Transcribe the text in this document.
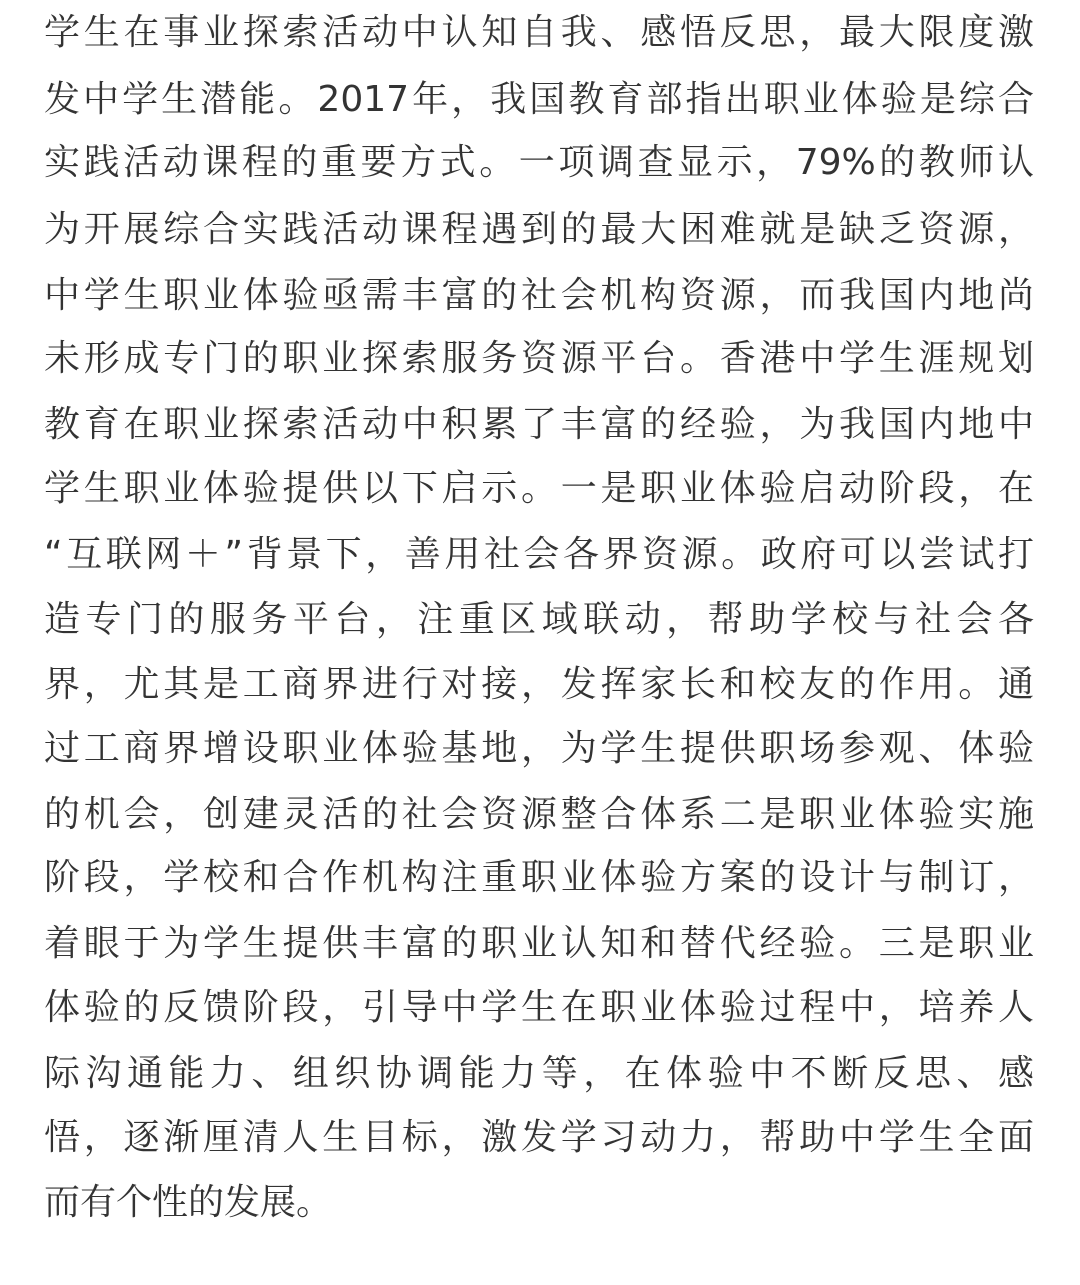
学生在事业探索活动中认知自我、感悟反思，最大限度激
发中学生潜能。2017年，我国教育部指出职业体验是综合
实践活动课程的重要方式。一项调查显示，79%的教师认
为开展综合实践活动课程遇到的最大困难就是缺乏资源，
中学生职业体验亟需丰富的社会机构资源，而我国内地尚
未形成专门的职业探索服务资源平台。香港中学生涯规划
教育在职业探索活动中积累了丰富的经验，为我国内地中
学生职业体验提供以下启示。一是职业体验启动阶段，在
“互联网＋”背景下，善用社会各界资源。政府可以尝试打
造专门的服务平台，注重区域联动，帮助学校与社会各
界，尤其是工商界进行对接，发挥家长和校友的作用。通
过工商界增设职业体验基地，为学生提供职场参观、体验
的机会，创建灵活的社会资源整合体系二是职业体验实施
阶段，学校和合作机构注重职业体验方案的设计与制订，
着眼于为学生提供丰富的职业认知和替代经验。三是职业
体验的反馈阶段，引导中学生在职业体验过程中，培养人
际沟通能力、组织协调能力等，在体验中不断反思、感
悟，逐渐厘清人生目标，激发学习动力，帮助中学生全面
而有个性的发展。
